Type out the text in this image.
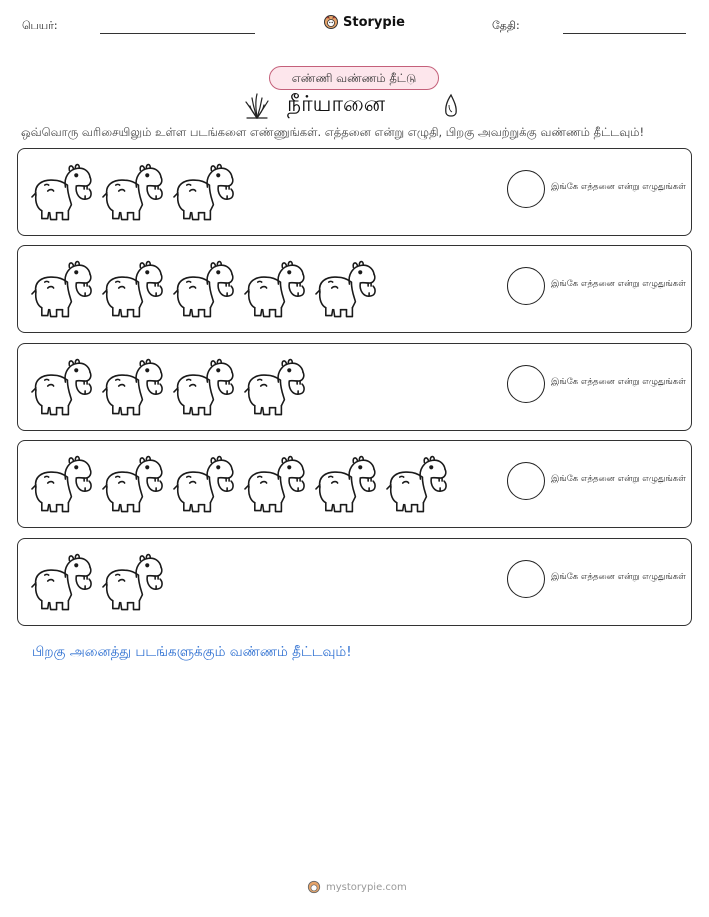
பெயர்:	Storypie	தேதி:
எண்ணி வண்ணம் தீட்டு
நீர்யானை
ஒவ்வொரு வரிசையிலும் உள்ள படங்களை எண்ணுங்கள். எத்தனை என்று எழுதி, பிறகு அவற்றுக்கு வண்ணம் தீட்டவும்!
இங்கே எத்தனை என்று எழுதுங்கள்
இங்கே எத்தனை என்று எழுதுங்கள்
இங்கே எத்தனை என்று எழுதுங்கள்
இங்கே எத்தனை என்று எழுதுங்கள்
இங்கே எத்தனை என்று எழுதுங்கள்
பிறகு அனைத்து படங்களுக்கும் வண்ணம் தீட்டவும்!
mystorypie.com
